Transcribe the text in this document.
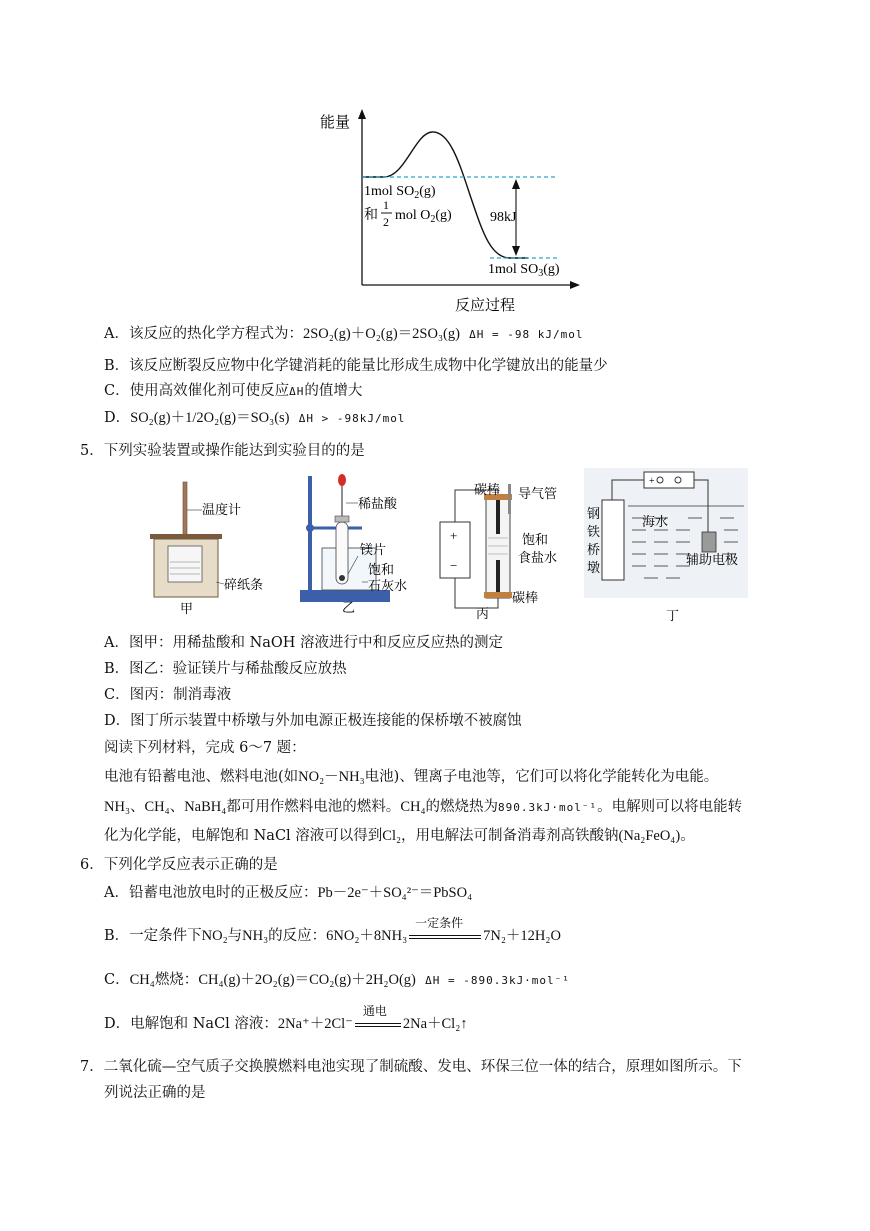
能量
反应过程
98kJ
1mol $SO_2(g)$
和
1
2 mol $O_2(g)$
1mol $SO_3(g)$
A．该反应的热化学方程式为：2SO₂(g)＋O₂(g)＝2SO₃(g) ΔH = -98 kJ/mol
B．该反应断裂反应物中化学键消耗的能量比形成生成物中化学键放出的能量少
C．使用高效催化剂可使反应ΔH的值增大
D．SO₂(g)＋1/2O₂(g)＝SO₃(s) ΔH > -98kJ/mol
5．下列实验装置或操作能达到实验目的的是
温度计
碎纸条
甲
稀盐酸
镁片
饱和
石灰水
乙
+
−
碳棒 导气管
饱和
食盐水
碳棒
丙
+
海水
钢
铁
桥
墩
辅助电极
丁
A．图甲：用稀盐酸和 NaOH 溶液进行中和反应反应热的测定
B．图乙：验证镁片与稀盐酸反应放热
C．图丙：制消毒液
D．图丁所示装置中桥墩与外加电源正极连接能的保桥墩不被腐蚀
阅读下列材料，完成 6～7 题：
电池有铅蓄电池、燃料电池(如NO₂－NH₃电池)、锂离子电池等，它们可以将化学能转化为电能。
NH₃、CH₄、NaBH₄都可用作燃料电池的燃料。CH₄的燃烧热为890.3kJ·mol⁻¹。电解则可以将电能转
化为化学能，电解饱和 NaCl 溶液可以得到Cl₂，用电解法可制备消毒剂高铁酸钠(Na₂FeO₄)。
6．下列化学反应表示正确的是
A．铅蓄电池放电时的正极反应：Pb－2e⁻＋SO₄²⁻＝PbSO₄
B．一定条件下NO₂与NH₃的反应：6NO₂＋8NH₃
一定条件
7N₂＋12H₂O
C．CH₄燃烧：CH₄(g)＋2O₂(g)＝CO₂(g)＋2H₂O(g) ΔH = -890.3kJ·mol⁻¹
D．电解饱和 NaCl 溶液：2Na⁺＋2Cl⁻
通电
2Na＋Cl₂↑
7．二氧化硫—空气质子交换膜燃料电池实现了制硫酸、发电、环保三位一体的结合，原理如图所示。下
列说法正确的是
